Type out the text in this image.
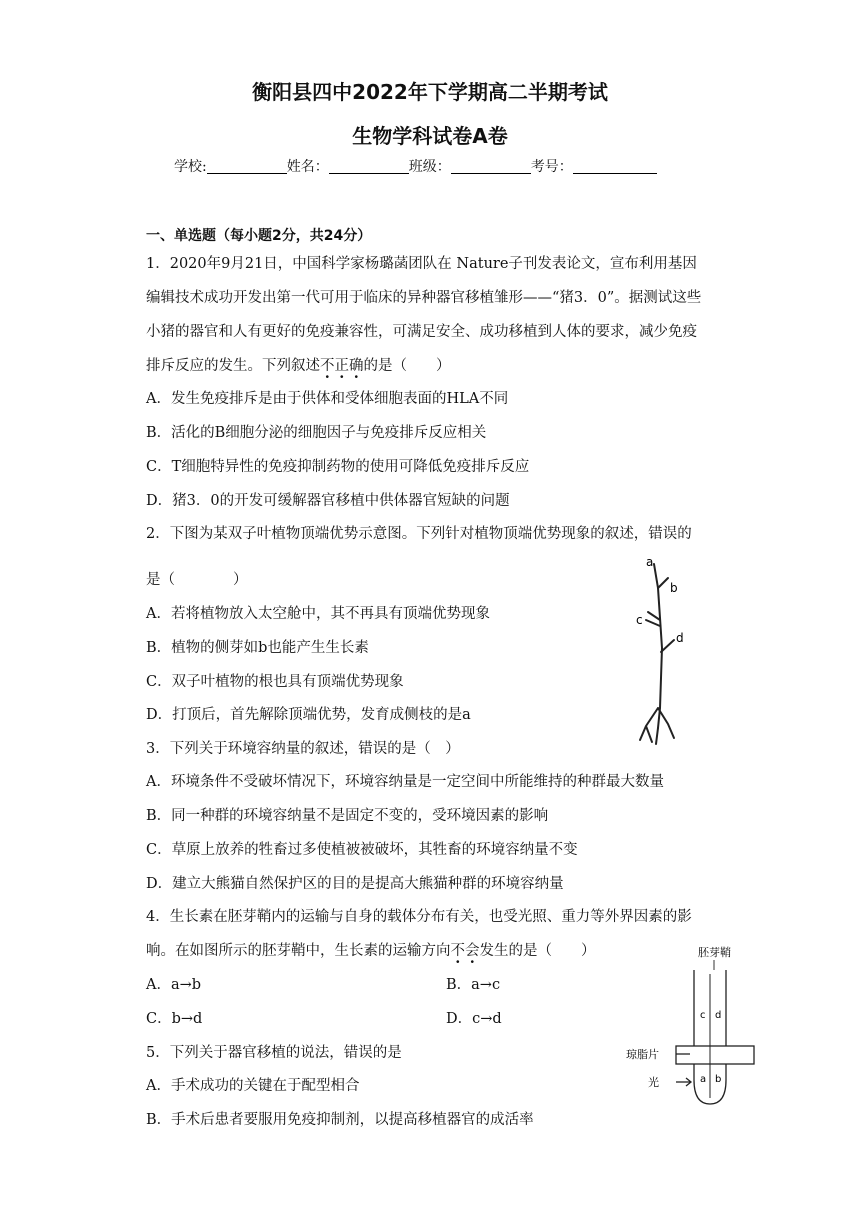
衡阳县四中2022年下学期高二半期考试
生物学科试卷A卷
学校:	姓名：	班级：	考号：
一、单选题（每小题2分，共24分）
1．2020年9月21日，中国科学家杨璐菡团队在 Nature子刊发表论文，宣布利用基因
编辑技术成功开发出第一代可用于临床的异种器官移植雏形——“猪3．0”。据测试这些
小猪的器官和人有更好的免疫兼容性，可满足安全、成功移植到人体的要求，减少免疫
排斥反应的发生。下列叙述不正确的是（　　）
A．发生免疫排斥是由于供体和受体细胞表面的HLA不同
B．活化的B细胞分泌的细胞因子与免疫排斥反应相关
C．T细胞特异性的免疫抑制药物的使用可降低免疫排斥反应
D．猪3．0的开发可缓解器官移植中供体器官短缺的问题
2．下图为某双子叶植物顶端优势示意图。下列针对植物顶端优势现象的叙述，错误的
是（　　　　）
A．若将植物放入太空舱中，其不再具有顶端优势现象
B．植物的侧芽如b也能产生生长素
C．双子叶植物的根也具有顶端优势现象
D．打顶后，首先解除顶端优势，发育成侧枝的是a
a
b
c
d
3．下列关于环境容纳量的叙述，错误的是（　）
A．环境条件不受破坏情况下，环境容纳量是一定空间中所能维持的种群最大数量
B．同一种群的环境容纳量不是固定不变的，受环境因素的影响
C．草原上放养的牲畜过多使植被被破坏，其牲畜的环境容纳量不变
D．建立大熊猫自然保护区的目的是提高大熊猫种群的环境容纳量
4．生长素在胚芽鞘内的运输与自身的载体分布有关，也受光照、重力等外界因素的影
响。在如图所示的胚芽鞘中，生长素的运输方向不会发生的是（　　）
A．a→b	B．a→c
C．b→d	D．c→d
胚芽鞘
c d
a b
琼脂片
光
5．下列关于器官移植的说法，错误的是
A．手术成功的关键在于配型相合
B．手术后患者要服用免疫抑制剂，以提高移植器官的成活率
